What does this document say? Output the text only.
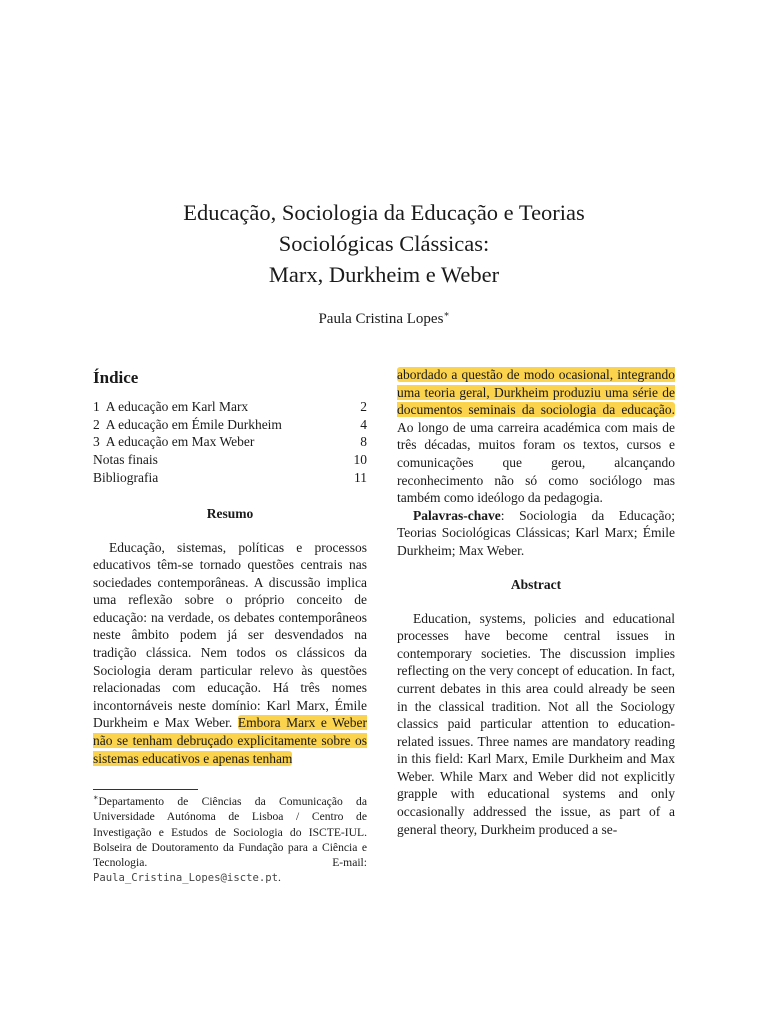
Educação, Sociologia da Educação e Teorias
Sociológicas Clássicas:
Marx, Durkheim e Weber

Paula Cristina Lopes∗

Índice
1 A educação em Karl Marx	2
2 A educação em Émile Durkheim	4
3 A educação em Max Weber	8
Notas finais	10
Bibliografia	11
Resumo

Educação, sistemas, políticas e processos educativos têm-se tornado questões centrais nas sociedades contemporâneas. A discussão implica uma reflexão sobre o próprio conceito de educação: na verdade, os debates contemporâneos neste âmbito podem já ser desvendados na tradição clássica. Nem todos os clássicos da Sociologia deram particular relevo às questões relacionadas com educação. Há três nomes incontornáveis neste domínio: Karl Marx, Émile Durkheim e Max Weber. Embora Marx e Weber não se tenham debruçado explicitamente sobre os sistemas educativos e apenas tenham

∗Departamento de Ciências da Comunicação da Universidade Autónoma de Lisboa / Centro de Investigação e Estudos de Sociologia do ISCTE-IUL. Bolseira de Doutoramento da Fundação para a Ciência e Tecnologia. E-mail: Paula_Cristina_Lopes@iscte.pt.

abordado a questão de modo ocasional, integrando uma teoria geral, Durkheim produziu uma série de documentos seminais da sociologia da educação. Ao longo de uma carreira académica com mais de três décadas, muitos foram os textos, cursos e comunicações que gerou, alcançando reconhecimento não só como sociólogo mas também como ideólogo da pedagogia.

Palavras-chave: Sociologia da Educação; Teorias Sociológicas Clássicas; Karl Marx; Émile Durkheim; Max Weber.

Abstract

Education, systems, policies and educational processes have become central issues in contemporary societies. The discussion implies reflecting on the very concept of education. In fact, current debates in this area could already be seen in the classical tradition. Not all the Sociology classics paid particular attention to education-related issues. Three names are mandatory reading in this field: Karl Marx, Emile Durkheim and Max Weber. While Marx and Weber did not explicitly grapple with educational systems and only occasionally addressed the issue, as part of a general theory, Durkheim produced a se-
